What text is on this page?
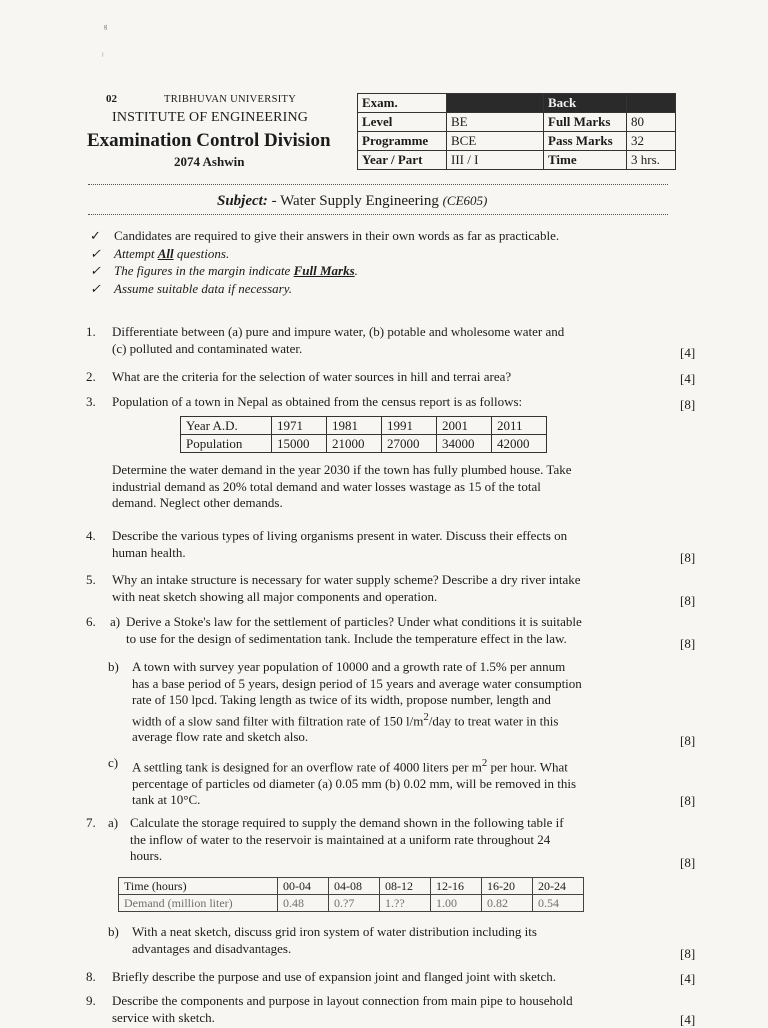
ᵍ
ʲ
02	TRIBHUVAN UNIVERSITY
INSTITUTE OF ENGINEERING
Examination Control Division
2074 Ashwin
Exam.		Back	
Level	BE	Full Marks	80
Programme	BCE	Pass Marks	32
Year / Part	III / I	Time	3 hrs.
Subject: - Water Supply Engineering (CE605)
✓ Candidates are required to give their answers in their own words as far as practicable.
✓ Attempt All questions.
✓ The figures in the margin indicate Full Marks.
✓ Assume suitable data if necessary.
1. Differentiate between (a) pure and impure water, (b) potable and wholesome water and
(c) polluted and contaminated water.	[4]
2. What are the criteria for the selection of water sources in hill and terrai area?	[4]
3. Population of a town in Nepal as obtained from the census report is as follows:	[8]
Year A.D.	1971	1981	1991	2001	2011
Population	15000	21000	27000	34000	42000
Determine the water demand in the year 2030 if the town has fully plumbed house. Take
industrial demand as 20% total demand and water losses wastage as 15 of the total
demand. Neglect other demands.
4. Describe the various types of living organisms present in water. Discuss their effects on
human health.	[8]
5. Why an intake structure is necessary for water supply scheme? Describe a dry river intake
with neat sketch showing all major components and operation.	[8]
6. a) Derive a Stoke's law for the settlement of particles? Under what conditions it is suitable
to use for the design of sedimentation tank. Include the temperature effect in the law.	[8]
b) A town with survey year population of 10000 and a growth rate of 1.5% per annum
has a base period of 5 years, design period of 15 years and average water consumption
rate of 150 lpcd. Taking length as twice of its width, propose number, length and
width of a slow sand filter with filtration rate of 150 $l/m^2$/day to treat water in this
average flow rate and sketch also.	[8]
c) A settling tank is designed for an overflow rate of 4000 liters per $m^2$ per hour. What
percentage of particles od diameter (a) 0.05 mm (b) 0.02 mm, will be removed in this
tank at 10°C.	[8]
7. a) Calculate the storage required to supply the demand shown in the following table if
the inflow of water to the reservoir is maintained at a uniform rate throughout 24
hours.	[8]
Time (hours)	00-04	04-08	08-12	12-16	16-20	20-24
Demand (million liter)	0.48	0.?7	1.??	1.00	0.82	0.54
b) With a neat sketch, discuss grid iron system of water distribution including its
advantages and disadvantages.	[8]
8. Briefly describe the purpose and use of expansion joint and flanged joint with sketch.	[4]
9. Describe the components and purpose in layout connection from main pipe to household
service with sketch.	[4]
